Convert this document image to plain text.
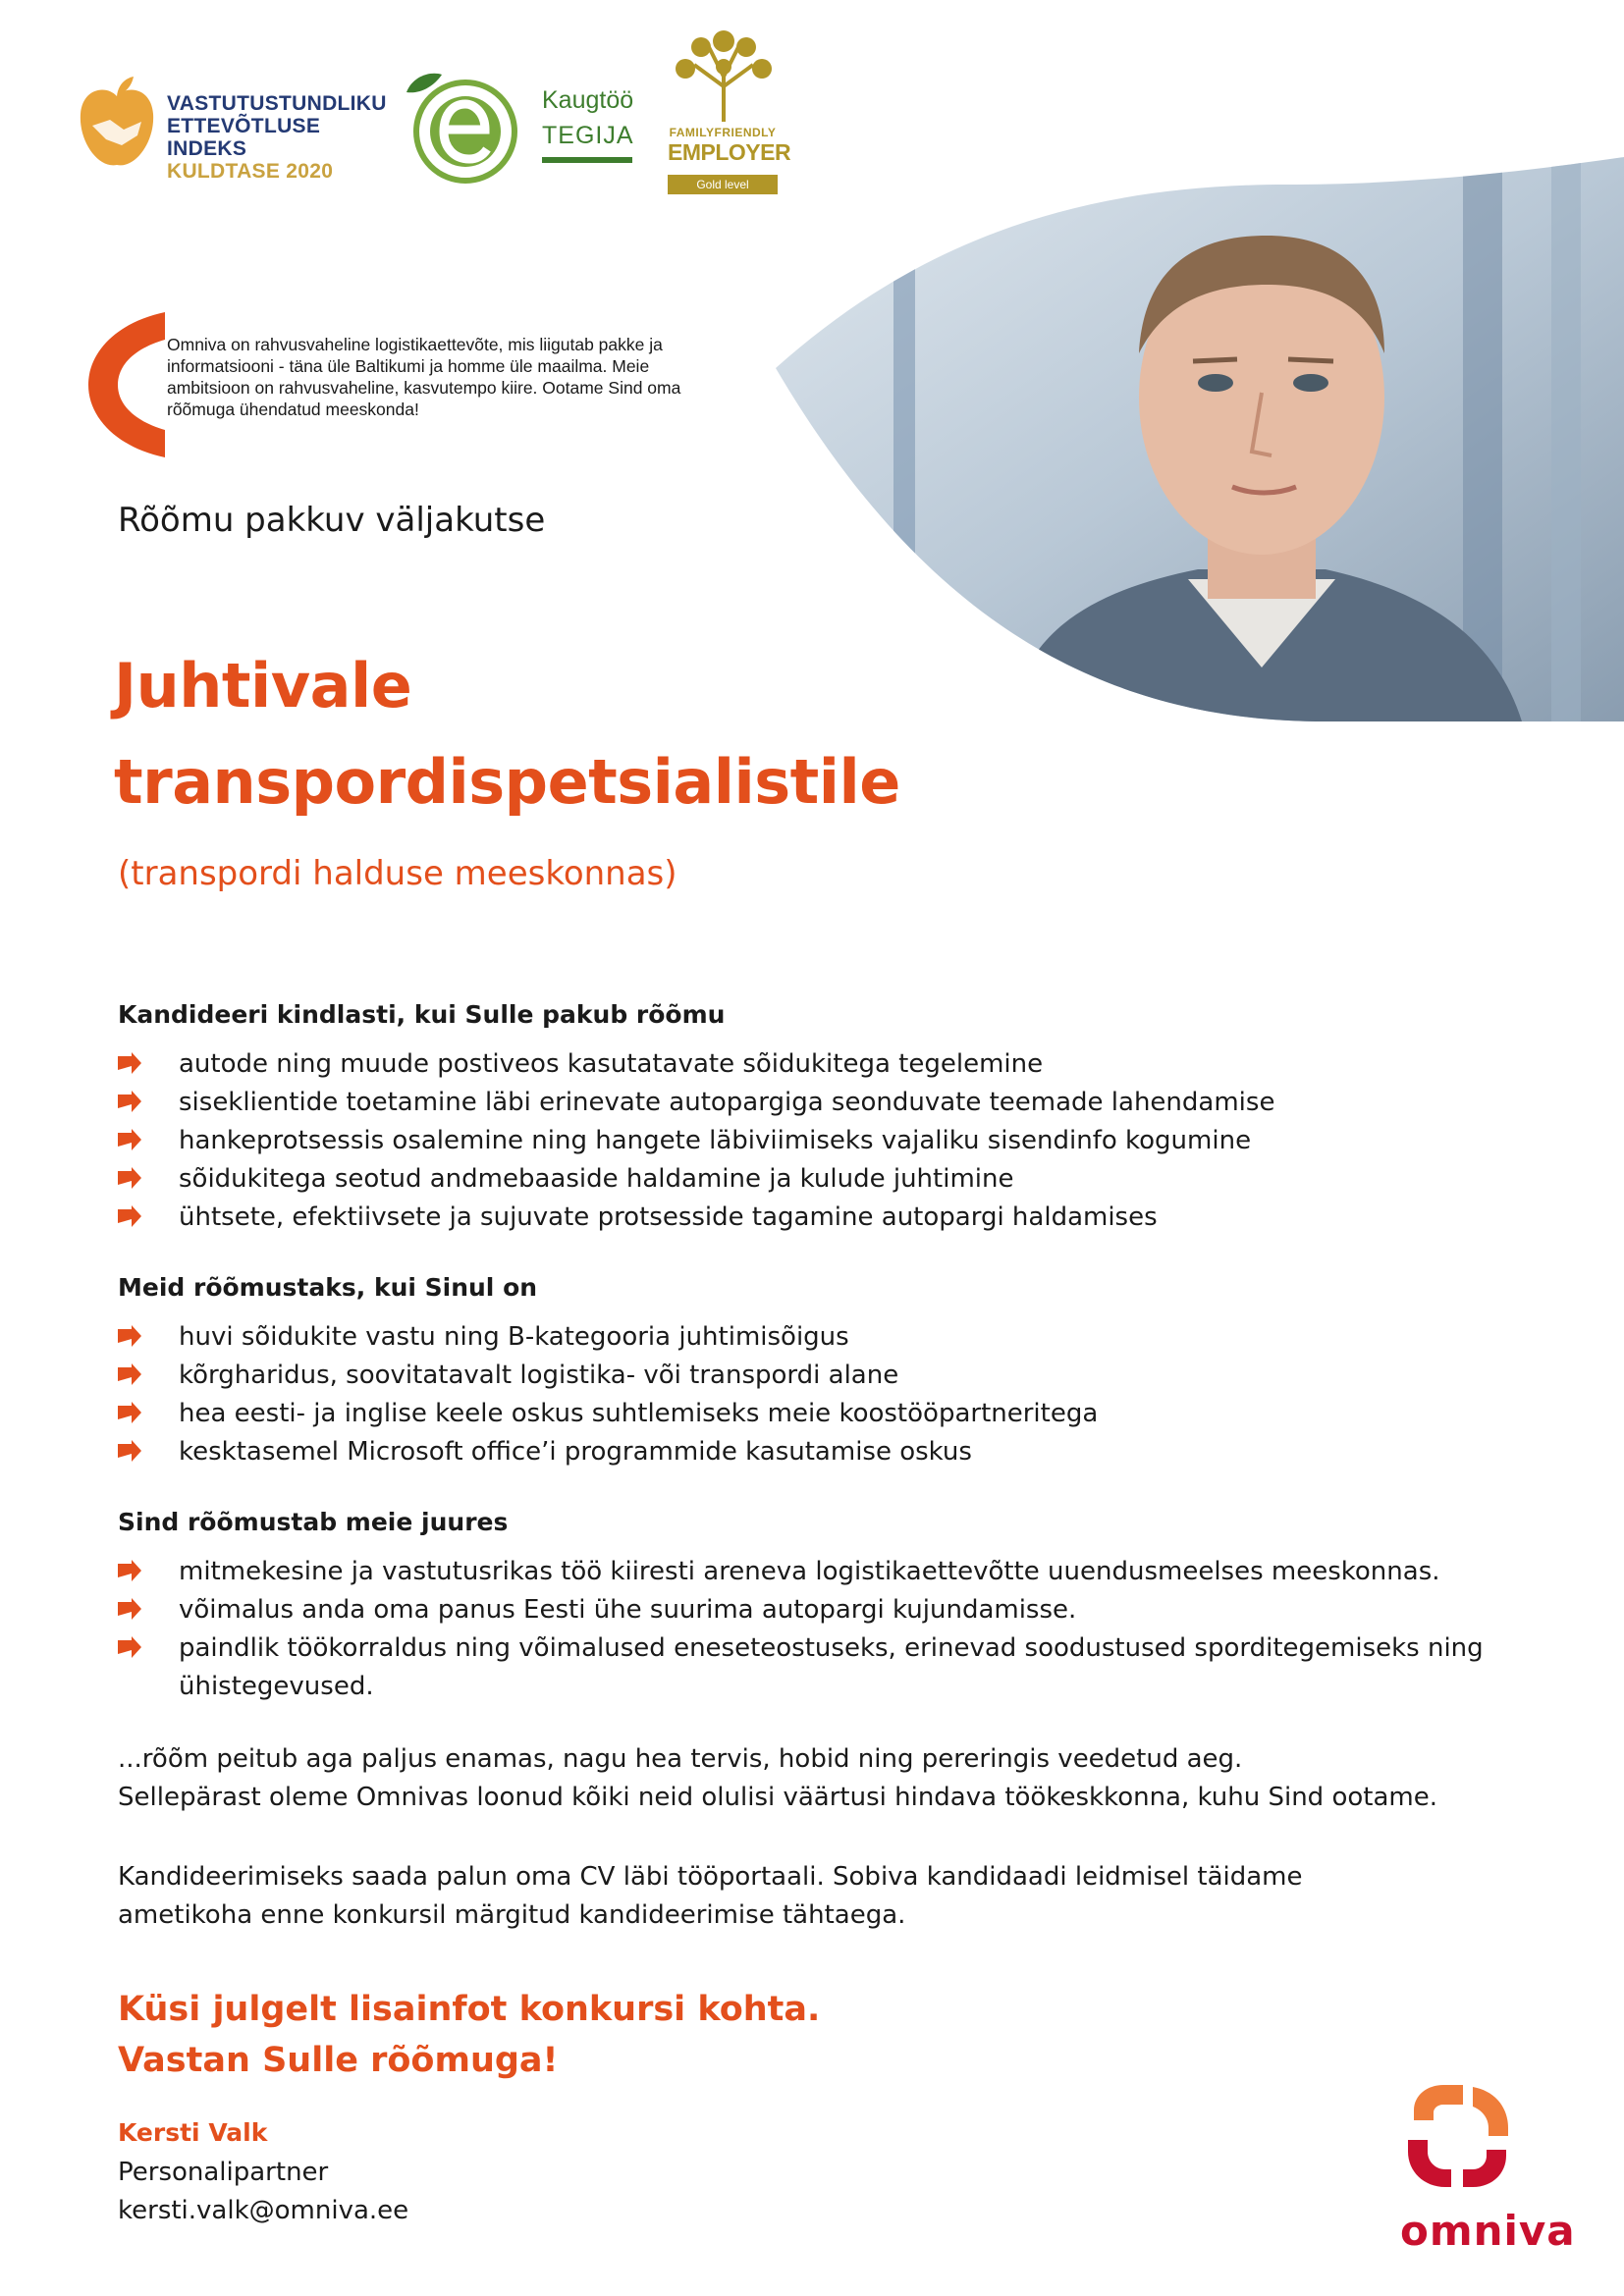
VASTUTUSTUNDLIKU
ETTEVÕTLUSE INDEKS
KULDTASE 2020
Kaugtöö
TEGIJA	FAMILYFRIENDLY
EMPLOYER
Gold level
Omniva on rahvusvaheline logistikaettevõte, mis liigutab pakke ja informatsiooni - täna üle Baltikumi ja homme üle maailma. Meie ambitsioon on rahvusvaheline, kasvutempo kiire. Ootame Sind oma rõõmuga ühendatud meeskonda!
Rõõmu pakkuv väljakutse
Juhtivale
transpordispetsialistile
(transpordi halduse meeskonnas)
Kandideeri kindlasti, kui Sulle pakub rõõmu
autode ning muude postiveos kasutatavate sõidukitega tegelemine
siseklientide toetamine läbi erinevate autopargiga seonduvate teemade lahendamise
hankeprotsessis osalemine ning hangete läbiviimiseks vajaliku sisendinfo kogumine
sõidukitega seotud andmebaaside haldamine ja kulude juhtimine
ühtsete, efektiivsete ja sujuvate protsesside tagamine autopargi haldamises
Meid rõõmustaks, kui Sinul on
huvi sõidukite vastu ning B-kategooria juhtimisõigus
kõrgharidus, soovitatavalt logistika- või transpordi alane
hea eesti- ja inglise keele oskus suhtlemiseks meie koostööpartneritega
kesktasemel Microsoft office’i programmide kasutamise oskus
Sind rõõmustab meie juures
mitmekesine ja vastutusrikas töö kiiresti areneva logistikaettevõtte uuendusmeelses meeskonnas.
võimalus anda oma panus Eesti ühe suurima autopargi kujundamisse.
paindlik töökorraldus ning võimalused eneseteostuseks, erinevad soodustused sporditegemiseks ning ühistegevused.
...rõõm peitub aga paljus enamas, nagu hea tervis, hobid ning pereringis veedetud aeg.
Sellepärast oleme Omnivas loonud kõiki neid olulisi väärtusi hindava töökeskkonna, kuhu Sind ootame.
Kandideerimiseks saada palun oma CV läbi tööportaali. Sobiva kandidaadi leidmisel täidame
ametikoha enne konkursil märgitud kandideerimise tähtaega.
Küsi julgelt lisainfot konkursi kohta.
Vastan Sulle rõõmuga!
Kersti Valk
Personalipartner
kersti.valk@omniva.ee	omniva
